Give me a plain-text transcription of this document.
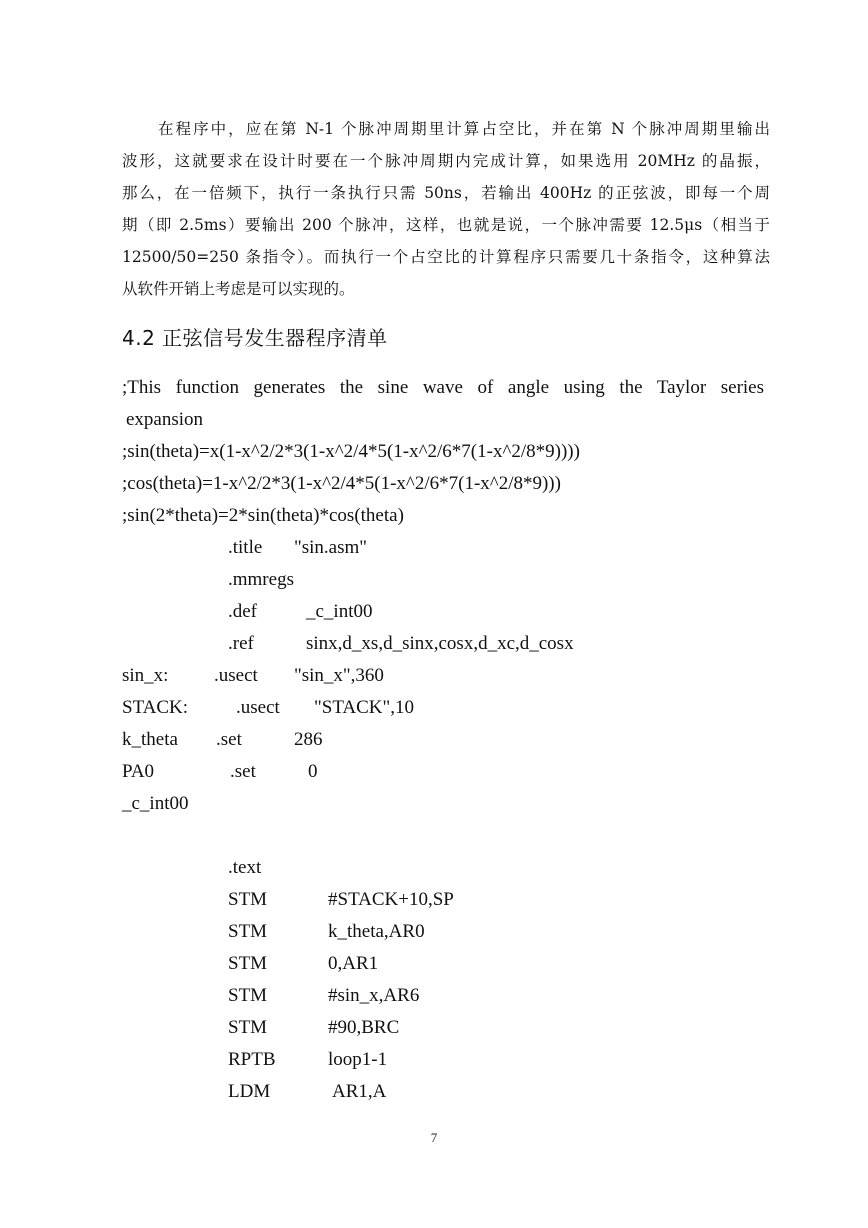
在程序中，应在第 N-1 个脉冲周期里计算占空比，并在第 N 个脉冲周期里输出
波形，这就要求在设计时要在一个脉冲周期内完成计算，如果选用 20MHz 的晶振，
那么，在一倍频下，执行一条执行只需 50ns，若输出 400Hz 的正弦波，即每一个周
期（即 2.5ms）要输出 200 个脉冲，这样，也就是说，一个脉冲需要 12.5μs（相当于
12500/50=250 条指令）。而执行一个占空比的计算程序只需要几十条指令，这种算法
从软件开销上考虑是可以实现的。

4.2 正弦信号发生器程序清单
;This function generates the sine wave of angle using the Taylor series
expansion
;sin(theta)=x(1-x^2/2*3(1-x^2/4*5(1-x^2/6*7(1-x^2/8*9))))
;cos(theta)=1-x^2/2*3(1-x^2/4*5(1-x^2/6*7(1-x^2/8*9)))
;sin(2*theta)=2*sin(theta)*cos(theta)
.title "sin.asm"
.mmregs
.def	_c_int00
.ref	sinx,d_xs,d_sinx,cosx,d_xc,d_cosx
sin_x: .usect "sin_x",360
STACK:	.usect "STACK",10
k_theta .set	286
PA0	.set	0
_c_int00
.text
STM	#STACK+10,SP
STM	k_theta,AR0
STM	0,AR1
STM	#sin_x,AR6
STM	#90,BRC
RPTB	loop1-1
LDM	AR1,A
7
